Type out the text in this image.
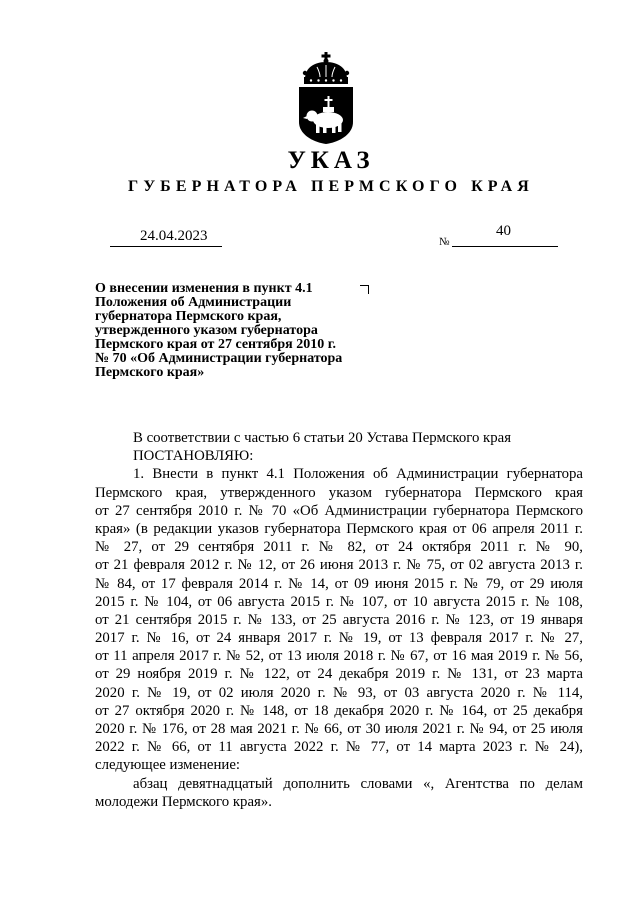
УКАЗ
ГУБЕРНАТОРА ПЕРМСКОГО КРАЯ
24.04.2023	№
40
О внесении изменения в пункт 4.1
Положения об Администрации
губернатора Пермского края,
утвержденного указом губернатора
Пермского края от 27 сентября 2010 г.
№ 70 «Об Администрации губернатора
Пермского края»
В соответствии с частью 6 статьи 20 Устава Пермского края
ПОСТАНОВЛЯЮ:
1. Внести в пункт 4.1 Положения об Администрации губернатора
Пермского края, утвержденного указом губернатора Пермского края
от 27 сентября 2010 г. № 70 «Об Администрации губернатора Пермского
края» (в редакции указов губернатора Пермского края от 06 апреля 2011 г.
№ 27, от 29 сентября 2011 г. № 82, от 24 октября 2011 г. № 90,
от 21 февраля 2012 г. № 12, от 26 июня 2013 г. № 75, от 02 августа 2013 г.
№ 84, от 17 февраля 2014 г. № 14, от 09 июня 2015 г. № 79, от 29 июля
2015 г. № 104, от 06 августа 2015 г. № 107, от 10 августа 2015 г. № 108,
от 21 сентября 2015 г. № 133, от 25 августа 2016 г. № 123, от 19 января
2017 г. № 16, от 24 января 2017 г. № 19, от 13 февраля 2017 г. № 27,
от 11 апреля 2017 г. № 52, от 13 июля 2018 г. № 67, от 16 мая 2019 г. № 56,
от 29 ноября 2019 г. № 122, от 24 декабря 2019 г. № 131, от 23 марта
2020 г. № 19, от 02 июля 2020 г. № 93, от 03 августа 2020 г. № 114,
от 27 октября 2020 г. № 148, от 18 декабря 2020 г. № 164, от 25 декабря
2020 г. № 176, от 28 мая 2021 г. № 66, от 30 июля 2021 г. № 94, от 25 июля
2022 г. № 66, от 11 августа 2022 г. № 77, от 14 марта 2023 г. № 24),
следующее изменение:
абзац девятнадцатый дополнить словами «, Агентства по делам
молодежи Пермского края».
